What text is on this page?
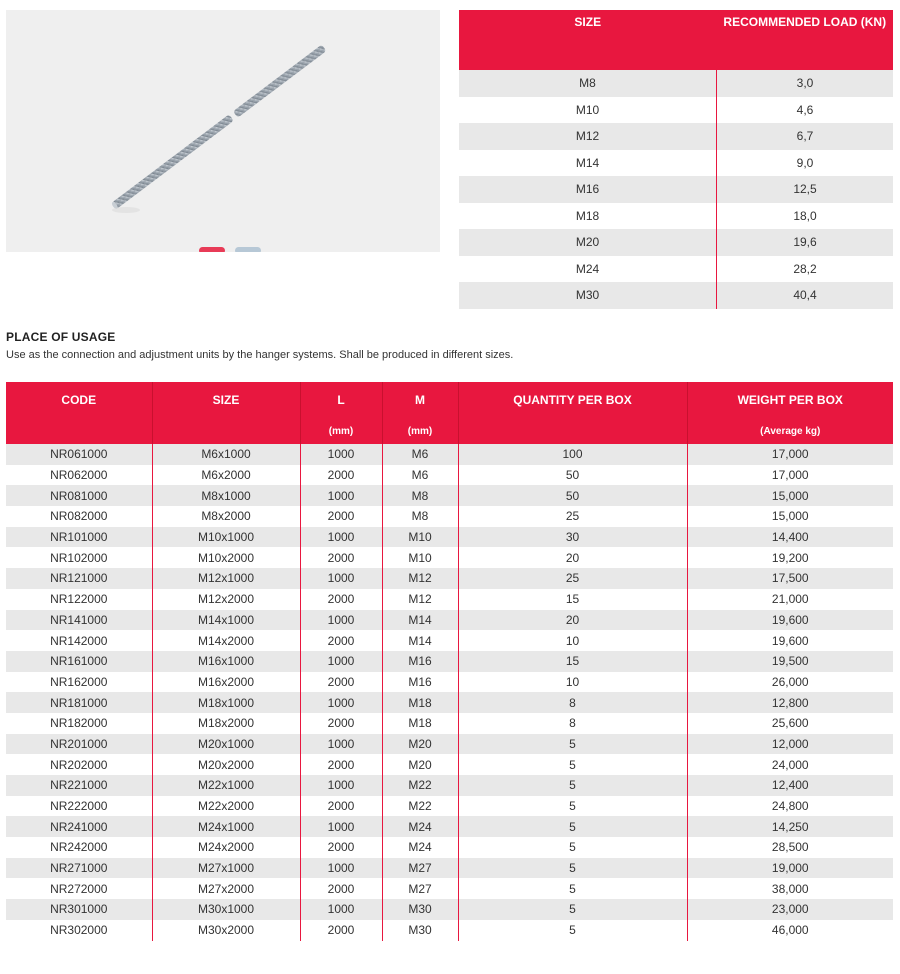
SIZE	RECOMMENDED LOAD (KN)
M8	3,0
M10	4,6
M12	6,7
M14	9,0
M16	12,5
M18	18,0
M20	19,6
M24	28,2
M30	40,4
PLACE OF USAGE
Use as the connection and adjustment units by the hanger systems. Shall be produced in different sizes.
CODE	SIZE	L	M	QUANTITY PER BOX	WEIGHT PER BOX
		(mm)	(mm)		(Average kg)
NR061000	M6x1000	1000	M6	100	17,000
NR062000	M6x2000	2000	M6	50	17,000
NR081000	M8x1000	1000	M8	50	15,000
NR082000	M8x2000	2000	M8	25	15,000
NR101000	M10x1000	1000	M10	30	14,400
NR102000	M10x2000	2000	M10	20	19,200
NR121000	M12x1000	1000	M12	25	17,500
NR122000	M12x2000	2000	M12	15	21,000
NR141000	M14x1000	1000	M14	20	19,600
NR142000	M14x2000	2000	M14	10	19,600
NR161000	M16x1000	1000	M16	15	19,500
NR162000	M16x2000	2000	M16	10	26,000
NR181000	M18x1000	1000	M18	8	12,800
NR182000	M18x2000	2000	M18	8	25,600
NR201000	M20x1000	1000	M20	5	12,000
NR202000	M20x2000	2000	M20	5	24,000
NR221000	M22x1000	1000	M22	5	12,400
NR222000	M22x2000	2000	M22	5	24,800
NR241000	M24x1000	1000	M24	5	14,250
NR242000	M24x2000	2000	M24	5	28,500
NR271000	M27x1000	1000	M27	5	19,000
NR272000	M27x2000	2000	M27	5	38,000
NR301000	M30x1000	1000	M30	5	23,000
NR302000	M30x2000	2000	M30	5	46,000
